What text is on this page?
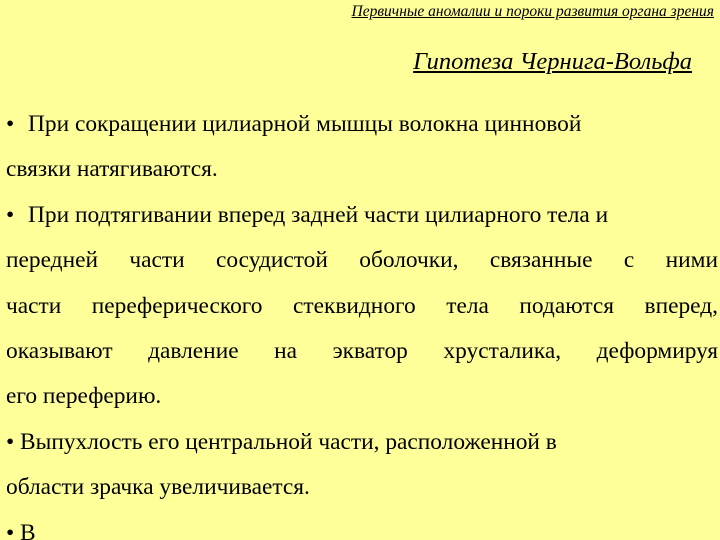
Первичные аномалии и пороки развития органа зрения
Гипотеза Чернига-Вольфа
• При сокращении цилиарной мышцы волокна цинновой
связки натягиваются.
• При подтягивании вперед задней части цилиарного тела и
передней части сосудистой оболочки, связанные с ними
части переферического стеквидного тела подаются вперед,
оказывают давление на экватор хрусталика, деформируя
его переферию.
• Выпухлость его центральной части, расположенной в
области зрачка увеличивается.
• В
